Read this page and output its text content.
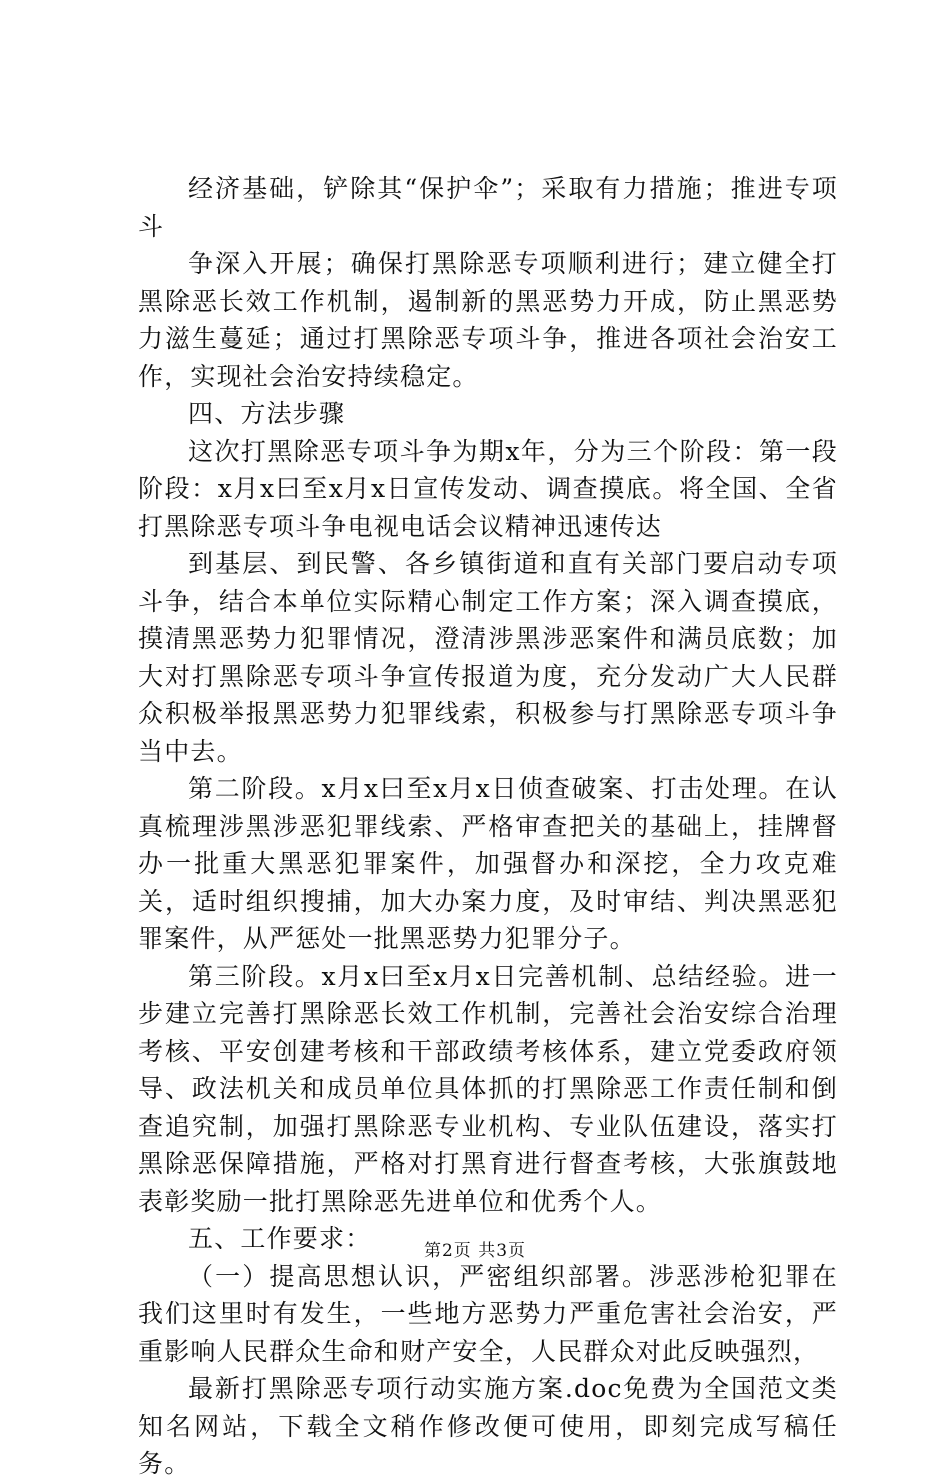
经济基础，铲除其“保护伞”；采取有力措施；推进专项斗

争深入开展；确保打黑除恶专项顺利进行；建立健全打黑除恶长效工作机制，遏制新的黑恶势力开成，防止黑恶势力滋生蔓延；通过打黑除恶专项斗争，推进各项社会治安工作，实现社会治安持续稳定。

四、方法步骤

这次打黑除恶专项斗争为期x年，分为三个阶段：第一段阶段：x月x曰至x月x日宣传发动、调查摸底。将全国、全省打黑除恶专项斗争电视电话会议精神迅速传达

到基层、到民警、各乡镇街道和直有关部门要启动专项斗争，结合本单位实际精心制定工作方案；深入调查摸底，摸清黑恶势力犯罪情况，澄清涉黑涉恶案件和满员底数；加大对打黑除恶专项斗争宣传报道为度，充分发动广大人民群众积极举报黑恶势力犯罪线索，积极参与打黑除恶专项斗争当中去。

第二阶段。x月x曰至x月x日侦查破案、打击处理。在认真梳理涉黑涉恶犯罪线索、严格审查把关的基础上，挂牌督办一批重大黑恶犯罪案件，加强督办和深挖，全力攻克难关，适时组织搜捕，加大办案力度，及时审结、判决黑恶犯罪案件，从严惩处一批黑恶势力犯罪分子。

第三阶段。x月x曰至x月x日完善机制、总结经验。进一步建立完善打黑除恶长效工作机制，完善社会治安综合治理考核、平安创建考核和干部政绩考核体系，建立党委政府领导、政法机关和成员单位具体抓的打黑除恶工作责任制和倒查追究制，加强打黑除恶专业机构、专业队伍建设，落实打黑除恶保障措施，严格对打黑育进行督查考核，大张旗鼓地表彰奖励一批打黑除恶先进单位和优秀个人。

五、工作要求：

（一）提高思想认识，严密组织部署。涉恶涉枪犯罪在我们这里时有发生，一些地方恶势力严重危害社会治安，严重影响人民群众生命和财产安全，人民群众对此反映强烈，

最新打黑除恶专项行动实施方案.doc免费为全国范文类知名网站，下载全文稍作修改便可使用，即刻完成写稿任务。

第2页 共3页
